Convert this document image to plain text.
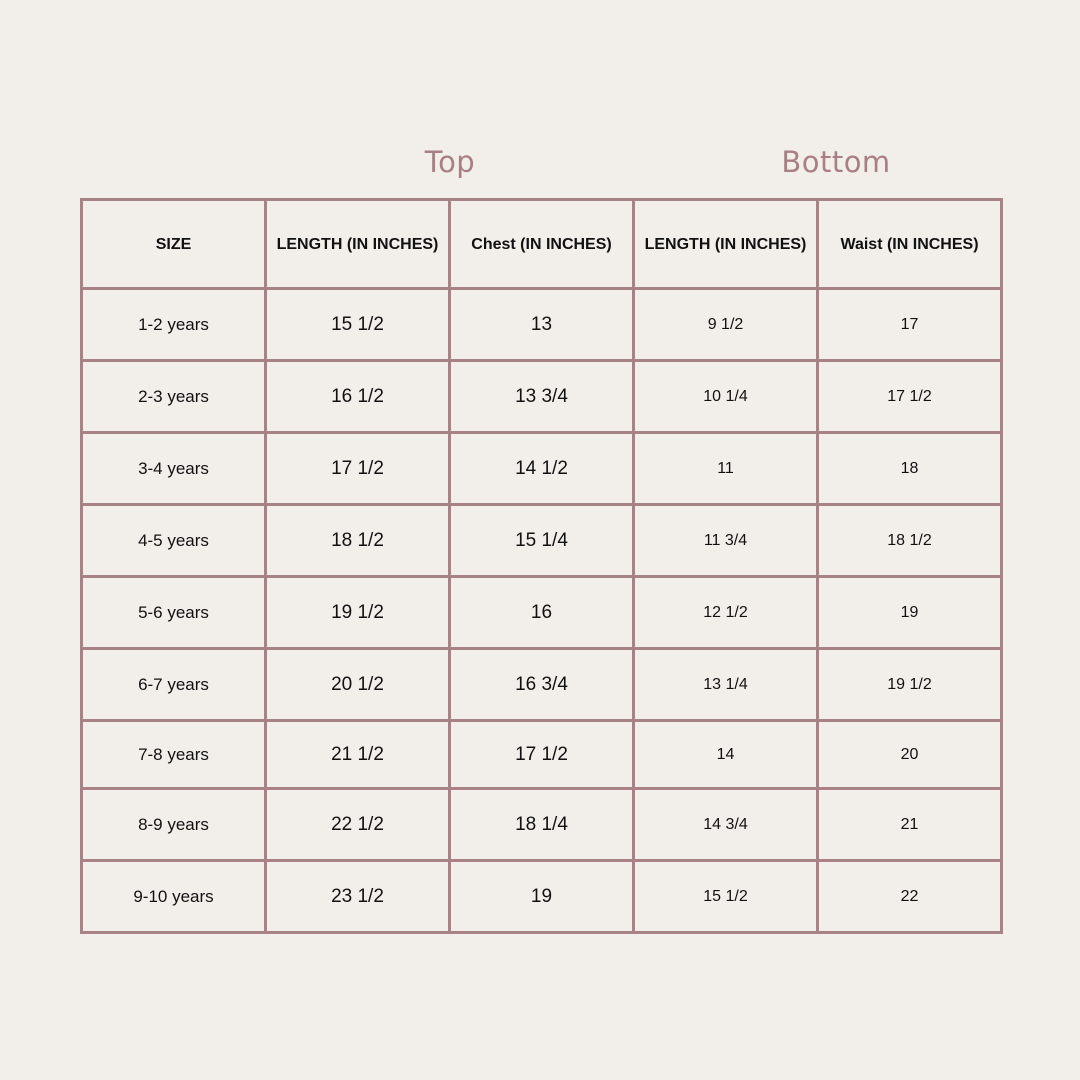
Top	Bottom
SIZE	LENGTH (IN INCHES)	Chest (IN INCHES)	LENGTH (IN INCHES)	Waist (IN INCHES)
1-2 years	15 1/2	13	9 1/2	17
2-3 years	16 1/2	13 3/4	10 1/4	17 1/2
3-4 years	17 1/2	14 1/2	11	18
4-5 years	18 1/2	15 1/4	11 3/4	18 1/2
5-6 years	19 1/2	16	12 1/2	19
6-7 years	20 1/2	16 3/4	13 1/4	19 1/2
7-8 years	21 1/2	17 1/2	14	20
8-9 years	22 1/2	18 1/4	14 3/4	21
9-10 years	23 1/2	19	15 1/2	22
